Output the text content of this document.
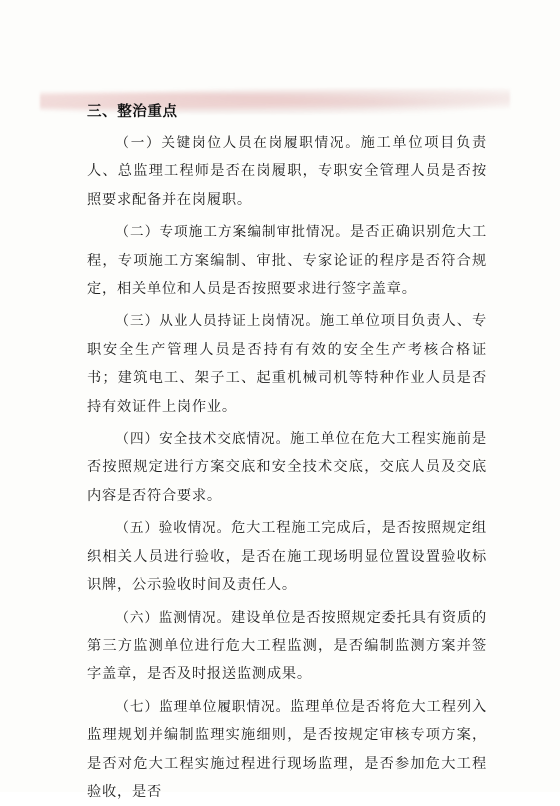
三、整治重点

（一）关键岗位人员在岗履职情况。施工单位项目负责人、总监理工程师是否在岗履职，专职安全管理人员是否按照要求配备并在岗履职。

（二）专项施工方案编制审批情况。是否正确识别危大工程，专项施工方案编制、审批、专家论证的程序是否符合规定，相关单位和人员是否按照要求进行签字盖章。

（三）从业人员持证上岗情况。施工单位项目负责人、专职安全生产管理人员是否持有有效的安全生产考核合格证书；建筑电工、架子工、起重机械司机等特种作业人员是否持有效证件上岗作业。

（四）安全技术交底情况。施工单位在危大工程实施前是否按照规定进行方案交底和安全技术交底，交底人员及交底内容是否符合要求。

（五）验收情况。危大工程施工完成后，是否按照规定组织相关人员进行验收，是否在施工现场明显位置设置验收标识牌，公示验收时间及责任人。

（六）监测情况。建设单位是否按照规定委托具有资质的第三方监测单位进行危大工程监测，是否编制监测方案并签字盖章，是否及时报送监测成果。

（七）监理单位履职情况。监理单位是否将危大工程列入监理规划并编制监理实施细则，是否按规定审核专项方案，是否对危大工程实施过程进行现场监理，是否参加危大工程验收，是否
